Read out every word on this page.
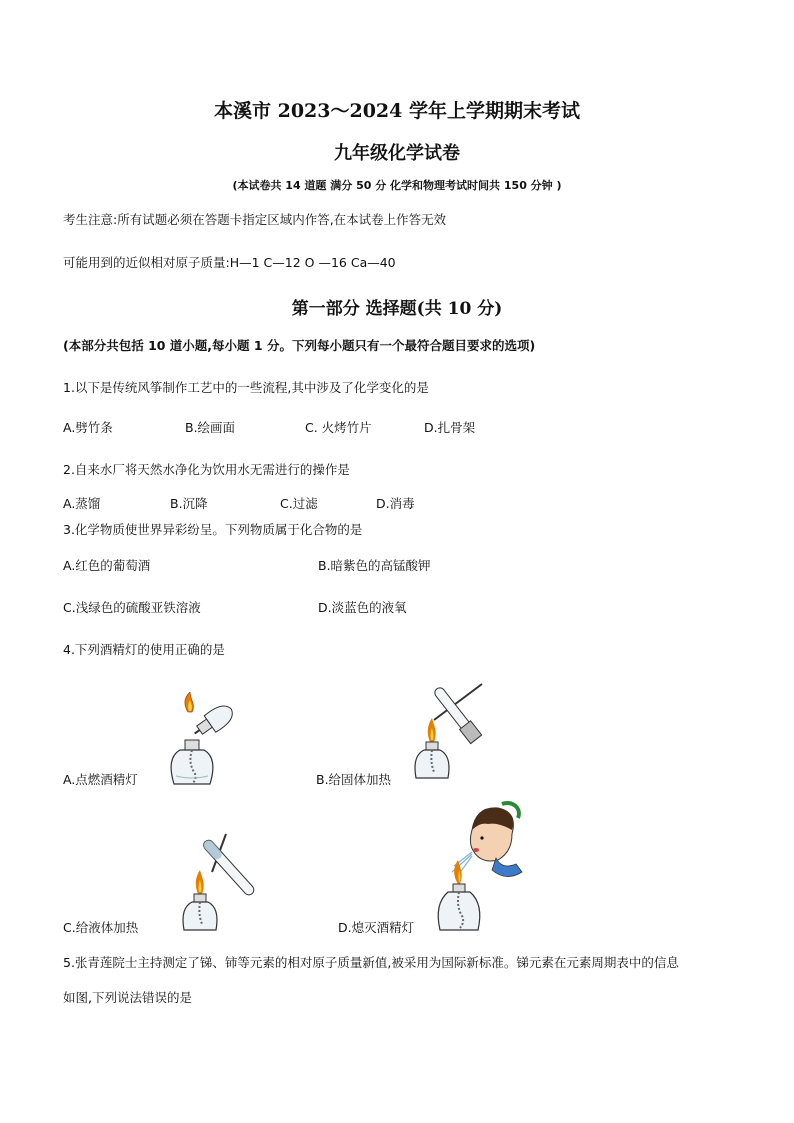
本溪市 2023～2024 学年上学期期末考试
九年级化学试卷
(本试卷共 14 道题 满分 50 分 化学和物理考试时间共 150 分钟 )
考生注意:所有试题必须在答题卡指定区域内作答,在本试卷上作答无效
可能用到的近似相对原子质量:H—1 C—12 O —16 Ca—40
第一部分 选择题(共 10 分)
(本部分共包括 10 道小题,每小题 1 分。下列每小题只有一个最符合题目要求的选项)
1.以下是传统风筝制作工艺中的一些流程,其中涉及了化学变化的是
A.劈竹条	B.绘画面	C. 火烤竹片	D.扎骨架
2.自来水厂将天然水净化为饮用水无需进行的操作是
A.蒸馏	B.沉降	C.过滤	D.消毒
3.化学物质使世界异彩纷呈。下列物质属于化合物的是
A.红色的葡萄酒	B.暗紫色的高锰酸钾
C.浅绿色的硫酸亚铁溶液	D.淡蓝色的液氧
4.下列酒精灯的使用正确的是
A.点燃酒精灯	B.给固体加热
C.给液体加热	D.熄灭酒精灯
5.张青莲院士主持测定了锑、铈等元素的相对原子质量新值,被采用为国际新标准。锑元素在元素周期表中的信息
如图,下列说法错误的是
